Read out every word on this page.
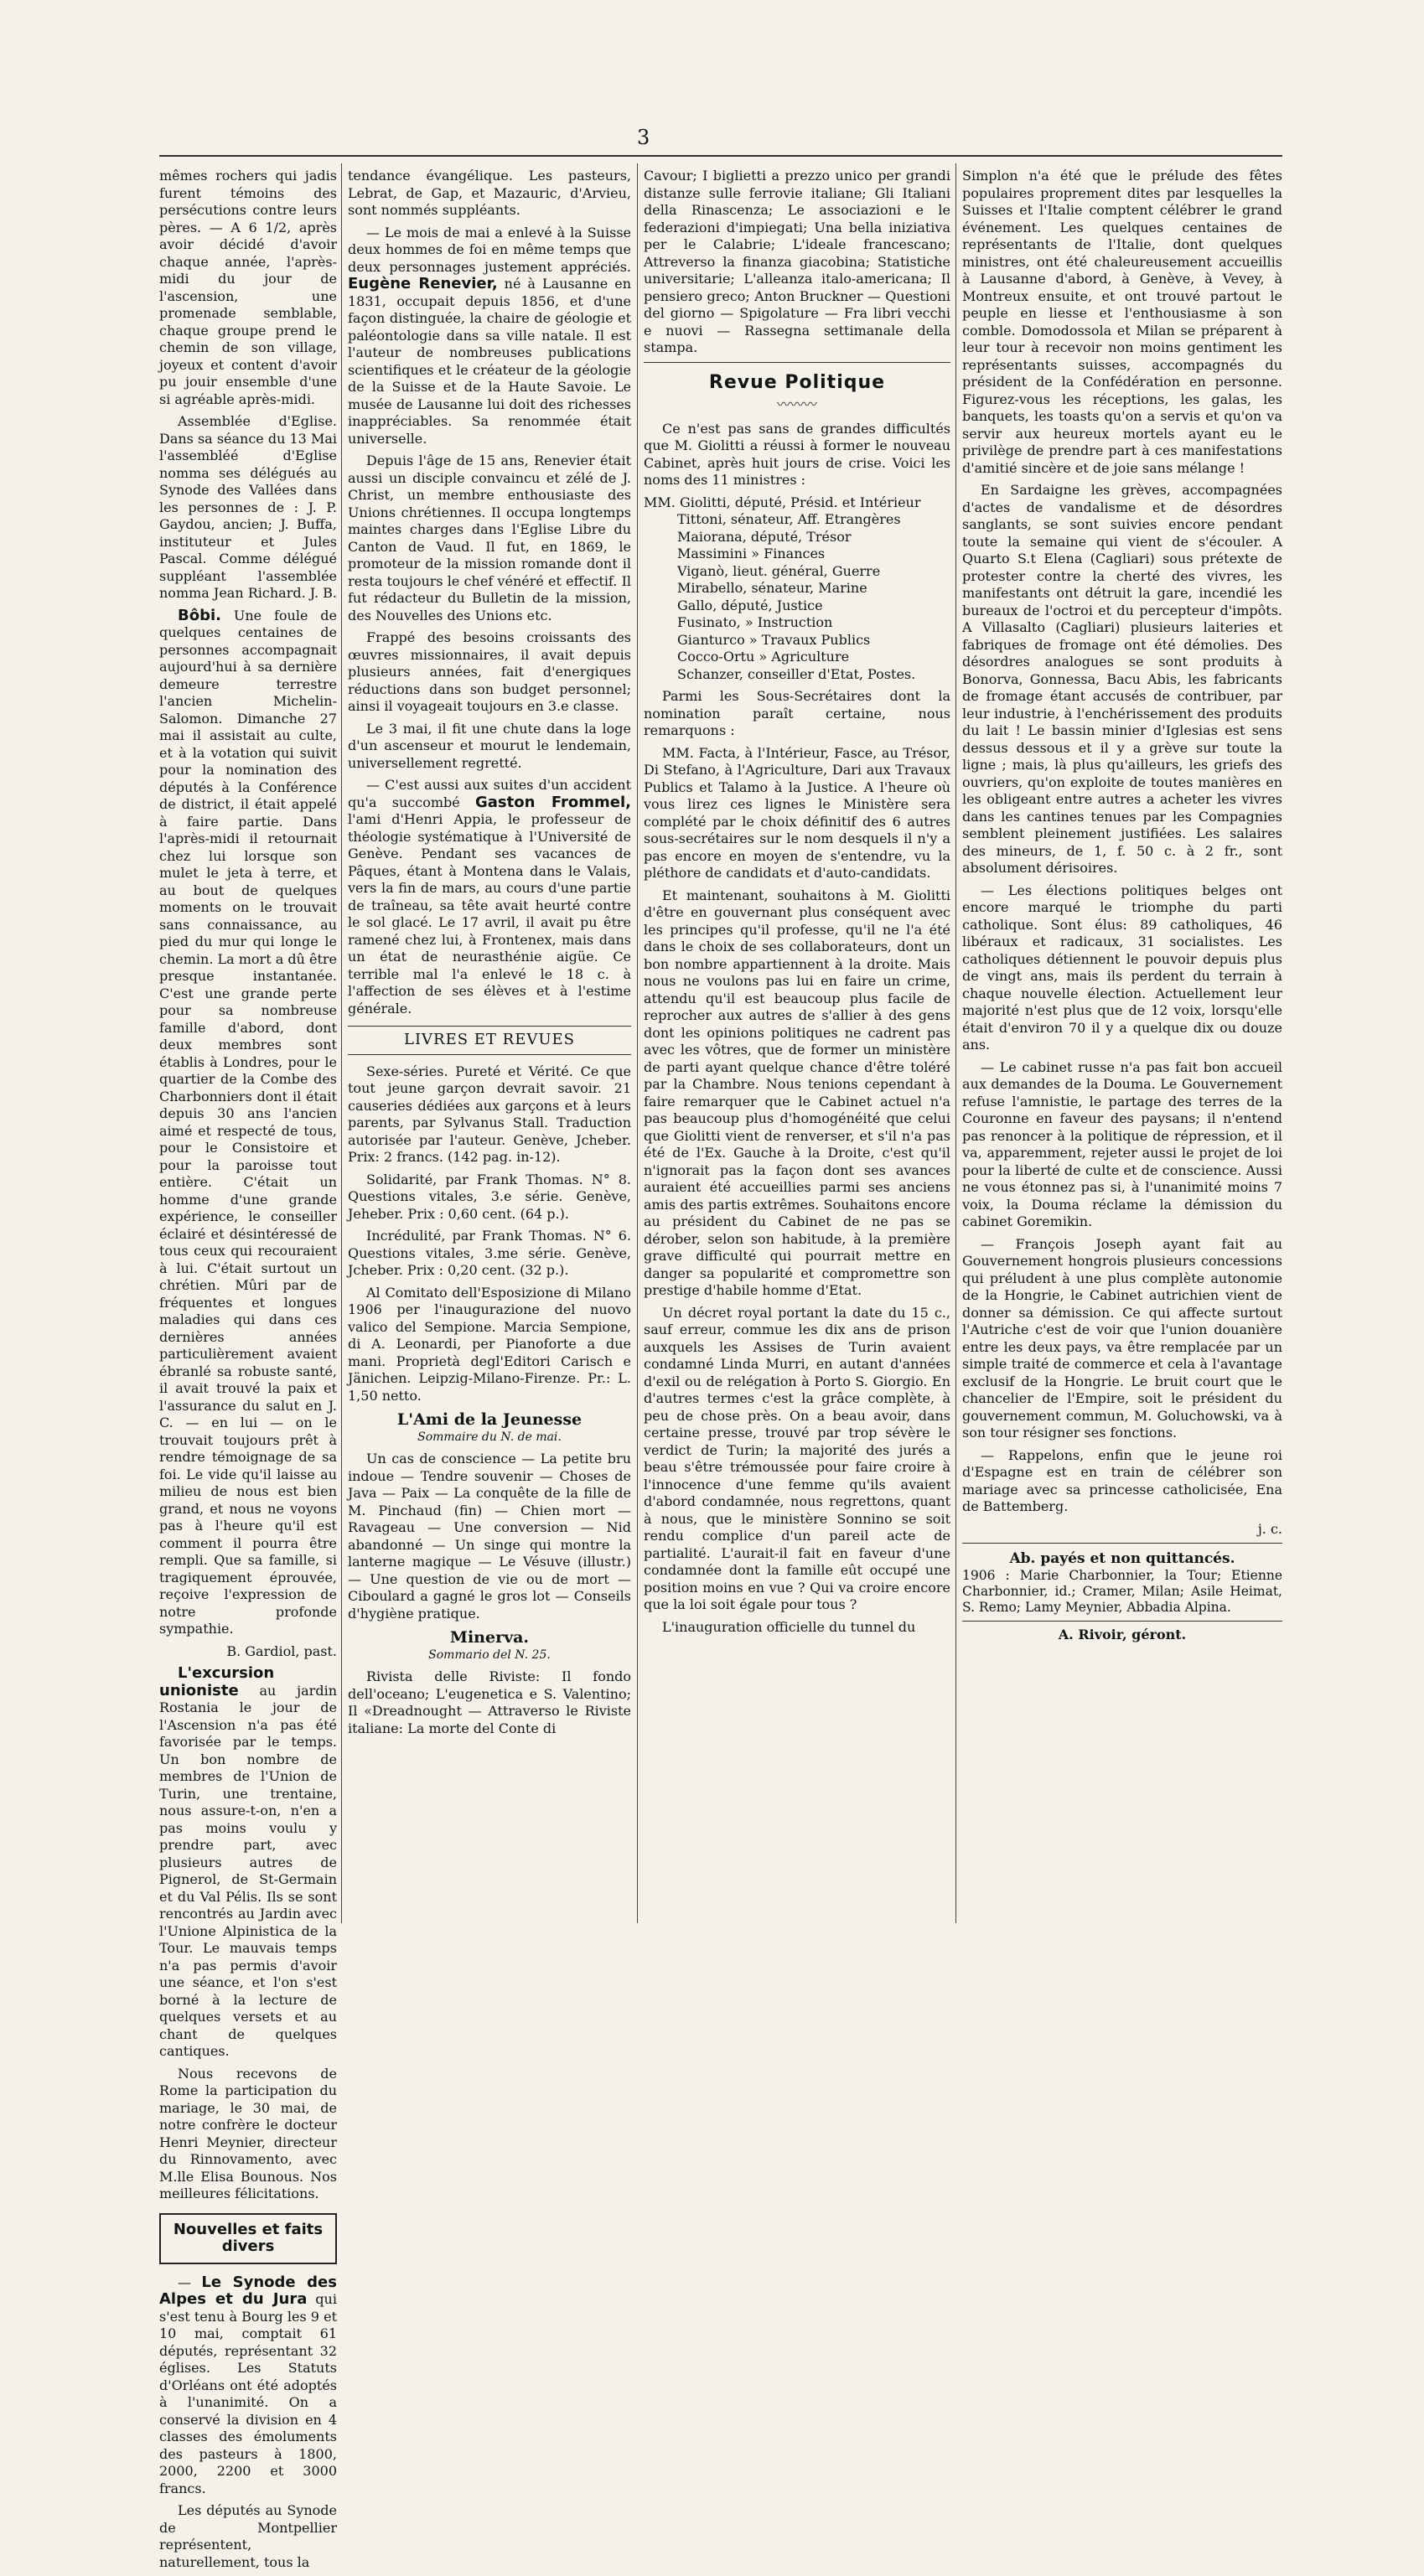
3

mêmes rochers qui jadis furent témoins des persécutions contre leurs pères. — A 6 1/2, après avoir décidé d'avoir chaque année, l'après-midi du jour de l'ascension, une promenade semblable, chaque groupe prend le chemin de son village, joyeux et content d'avoir pu jouir ensemble d'une si agréable après-midi.

Assemblée d'Eglise. Dans sa séance du 13 Mai l'assembléé d'Eglise nomma ses délégués au Synode des Vallées dans les personnes de : J. P. Gaydou, ancien; J. Buffa, instituteur et Jules Pascal. Comme délégué suppléant l'assemblée nomma Jean Richard. J. B.

Bôbi. Une foule de quelques centaines de personnes accompagnait aujourd'hui à sa dernière demeure terrestre l'ancien Michelin-Salomon. Dimanche 27 mai il assistait au culte, et à la votation qui suivit pour la nomination des députés à la Conférence de district, il était appelé à faire partie. Dans l'après-midi il retournait chez lui lorsque son mulet le jeta à terre, et au bout de quelques moments on le trouvait sans connaissance, au pied du mur qui longe le chemin. La mort a dû être presque instantanée. C'est une grande perte pour sa nombreuse famille d'abord, dont deux membres sont établis à Londres, pour le quartier de la Combe des Charbonniers dont il était depuis 30 ans l'ancien aimé et respecté de tous, pour le Consistoire et pour la paroisse tout entière. C'était un homme d'une grande expérience, le conseiller éclairé et désintéressé de tous ceux qui recouraient à lui. C'était surtout un chrétien. Mûri par de fréquentes et longues maladies qui dans ces dernières années particulièrement avaient ébranlé sa robuste santé, il avait trouvé la paix et l'assurance du salut en J. C. — en lui — on le trouvait toujours prêt à rendre témoignage de sa foi. Le vide qu'il laisse au milieu de nous est bien grand, et nous ne voyons pas à l'heure qu'il est comment il pourra être rempli. Que sa famille, si tragiquement éprouvée, reçoive l'expression de notre profonde sympathie.

B. Gardiol, past.

L'excursion unioniste au jardin Rostania le jour de l'Ascension n'a pas été favorisée par le temps. Un bon nombre de membres de l'Union de Turin, une trentaine, nous assure-t-on, n'en a pas moins voulu y prendre part, avec plusieurs autres de Pignerol, de St-Germain et du Val Pélis. Ils se sont rencontrés au Jardin avec l'Unione Alpinistica de la Tour. Le mauvais temps n'a pas permis d'avoir une séance, et l'on s'est borné à la lecture de quelques versets et au chant de quelques cantiques.

Nous recevons de Rome la participation du mariage, le 30 mai, de notre confrère le docteur Henri Meynier, directeur du Rinnovamento, avec M.lle Elisa Bounous. Nos meilleures félicitations.

Nouvelles et faits divers

— Le Synode des Alpes et du Jura qui s'est tenu à Bourg les 9 et 10 mai, comptait 61 députés, représentant 32 églises. Les Statuts d'Orléans ont été adoptés à l'unanimité. On a conservé la division en 4 classes des émoluments des pasteurs à 1800, 2000, 2200 et 3000 francs.

Les députés au Synode de Montpellier représentent, naturellement, tous la

tendance évangélique. Les pasteurs, Lebrat, de Gap, et Mazauric, d'Arvieu, sont nommés suppléants.

— Le mois de mai a enlevé à la Suisse deux hommes de foi en même temps que deux personnages justement appréciés. Eugène Renevier, né à Lausanne en 1831, occupait depuis 1856, et d'une façon distinguée, la chaire de géologie et paléontologie dans sa ville natale. Il est l'auteur de nombreuses publications scientifiques et le créateur de la géologie de la Suisse et de la Haute Savoie. Le musée de Lausanne lui doit des richesses inappréciables. Sa renommée était universelle.

Depuis l'âge de 15 ans, Renevier était aussi un disciple convaincu et zélé de J. Christ, un membre enthousiaste des Unions chrétiennes. Il occupa longtemps maintes charges dans l'Eglise Libre du Canton de Vaud. Il fut, en 1869, le promoteur de la mission romande dont il resta toujours le chef vénéré et effectif. Il fut rédacteur du Bulletin de la mission, des Nouvelles des Unions etc.

Frappé des besoins croissants des œuvres missionnaires, il avait depuis plusieurs années, fait d'energiques réductions dans son budget personnel; ainsi il voyageait toujours en 3.e classe.

Le 3 mai, il fit une chute dans la loge d'un ascenseur et mourut le lendemain, universellement regretté.

— C'est aussi aux suites d'un accident qu'a succombé Gaston Frommel, l'ami d'Henri Appia, le professeur de théologie systématique à l'Université de Genève. Pendant ses vacances de Pâques, étant à Montena dans le Valais, vers la fin de mars, au cours d'une partie de traîneau, sa tête avait heurté contre le sol glacé. Le 17 avril, il avait pu être ramené chez lui, à Frontenex, mais dans un état de neurasthénie aigüe. Ce terrible mal l'a enlevé le 18 c. à l'affection de ses élèves et à l'estime générale.

LIVRES ET REVUES

Sexe-séries. Pureté et Vérité. Ce que tout jeune garçon devrait savoir. 21 causeries dédiées aux garçons et à leurs parents, par Sylvanus Stall. Traduction autorisée par l'auteur. Genève, Jcheber. Prix: 2 francs. (142 pag. in-12).

Solidarité, par Frank Thomas. N° 8. Questions vitales, 3.e série. Genève, Jeheber. Prix : 0,60 cent. (64 p.).

Incrédulité, par Frank Thomas. N° 6. Questions vitales, 3.me série. Genève, Jcheber. Prix : 0,20 cent. (32 p.).

Al Comitato dell'Esposizione di Milano 1906 per l'inaugurazione del nuovo valico del Sempione. Marcia Sempione, di A. Leonardi, per Pianoforte a due mani. Proprietà degl'Editori Carisch e Jänichen. Leipzig-Milano-Firenze. Pr.: L. 1,50 netto.

L'Ami de la Jeunesse
Sommaire du N. de mai.

Un cas de conscience — La petite bru indoue — Tendre souvenir — Choses de Java — Paix — La conquête de la fille de M. Pinchaud (fin) — Chien mort — Ravageau — Une conversion — Nid abandonné — Un singe qui montre la lanterne magique — Le Vésuve (illustr.) — Une question de vie ou de mort — Ciboulard a gagné le gros lot — Conseils d'hygiène pratique.

Minerva.
Sommario del N. 25.

Rivista delle Riviste: Il fondo dell'oceano; L'eugenetica e S. Valentino; Il «Dreadnought — Attraverso le Riviste italiane: La morte del Conte di

Cavour; I biglietti a prezzo unico per grandi distanze sulle ferrovie italiane; Gli Italiani della Rinascenza; Le associazioni e le federazioni d'impiegati; Una bella iniziativa per le Calabrie; L'ideale francescano; Attreverso la finanza giacobina; Statistiche universitarie; L'alleanza italo-americana; Il pensiero greco; Anton Bruckner — Questioni del giorno — Spigolature — Fra libri vecchi e nuovi — Rassegna settimanale della stampa.

Revue Politique
〰〰〰

Ce n'est pas sans de grandes difficultés que M. Giolitti a réussi à former le nouveau Cabinet, après huit jours de crise. Voici les noms des 11 ministres :

MM. Giolitti, député, Présid. et Intérieur

Tittoni, sénateur, Aff. Etrangères

Maiorana, député, Trésor

Massimini » Finances

Viganò, lieut. général, Guerre

Mirabello, sénateur, Marine

Gallo, député, Justice

Fusinato, » Instruction

Gianturco » Travaux Publics

Cocco-Ortu » Agriculture

Schanzer, conseiller d'Etat, Postes.

Parmi les Sous-Secrétaires dont la nomination paraît certaine, nous remarquons :

MM. Facta, à l'Intérieur, Fasce, au Trésor, Di Stefano, à l'Agriculture, Dari aux Travaux Publics et Talamo à la Justice. A l'heure où vous lirez ces lignes le Ministère sera complété par le choix définitif des 6 autres sous-secrétaires sur le nom desquels il n'y a pas encore en moyen de s'entendre, vu la pléthore de candidats et d'auto-candidats.

Et maintenant, souhaitons à M. Giolitti d'être en gouvernant plus conséquent avec les principes qu'il professe, qu'il ne l'a été dans le choix de ses collaborateurs, dont un bon nombre appartiennent à la droite. Mais nous ne voulons pas lui en faire un crime, attendu qu'il est beaucoup plus facile de reprocher aux autres de s'allier à des gens dont les opinions politiques ne cadrent pas avec les vôtres, que de former un ministère de parti ayant quelque chance d'être toléré par la Chambre. Nous tenions cependant à faire remarquer que le Cabinet actuel n'a pas beaucoup plus d'homogénéité que celui que Giolitti vient de renverser, et s'il n'a pas été de l'Ex. Gauche à la Droite, c'est qu'il n'ignorait pas la façon dont ses avances auraient été accueillies parmi ses anciens amis des partis extrêmes. Souhaitons encore au président du Cabinet de ne pas se dérober, selon son habitude, à la première grave difficulté qui pourrait mettre en danger sa popularité et compromettre son prestige d'habile homme d'Etat.

Un décret royal portant la date du 15 c., sauf erreur, commue les dix ans de prison auxquels les Assises de Turin avaient condamné Linda Murri, en autant d'années d'exil ou de relégation à Porto S. Giorgio. En d'autres termes c'est la grâce complète, à peu de chose près. On a beau avoir, dans certaine presse, trouvé par trop sévère le verdict de Turin; la majorité des jurés a beau s'être trémoussée pour faire croire à l'innocence d'une femme qu'ils avaient d'abord condamnée, nous regrettons, quant à nous, que le ministère Sonnino se soit rendu complice d'un pareil acte de partialité. L'aurait-il fait en faveur d'une condamnée dont la famille eût occupé une position moins en vue ? Qui va croire encore que la loi soit égale pour tous ?

L'inauguration officielle du tunnel du

Simplon n'a été que le prélude des fêtes populaires proprement dites par lesquelles la Suisses et l'Italie comptent célébrer le grand événement. Les quelques centaines de représentants de l'Italie, dont quelques ministres, ont été chaleureusement accueillis à Lausanne d'abord, à Genève, à Vevey, à Montreux ensuite, et ont trouvé partout le peuple en liesse et l'enthousiasme à son comble. Domodossola et Milan se préparent à leur tour à recevoir non moins gentiment les représentants suisses, accompagnés du président de la Confédération en personne. Figurez-vous les réceptions, les galas, les banquets, les toasts qu'on a servis et qu'on va servir aux heureux mortels ayant eu le privilège de prendre part à ces manifestations d'amitié sincère et de joie sans mélange !

En Sardaigne les grèves, accompagnées d'actes de vandalisme et de désordres sanglants, se sont suivies encore pendant toute la semaine qui vient de s'écouler. A Quarto S.t Elena (Cagliari) sous prétexte de protester contre la cherté des vivres, les manifestants ont détruit la gare, incendié les bureaux de l'octroi et du percepteur d'impôts. A Villasalto (Cagliari) plusieurs laiteries et fabriques de fromage ont été démolies. Des désordres analogues se sont produits à Bonorva, Gonnessa, Bacu Abis, les fabricants de fromage étant accusés de contribuer, par leur industrie, à l'enchérissement des produits du lait ! Le bassin minier d'Iglesias est sens dessus dessous et il y a grève sur toute la ligne ; mais, là plus qu'ailleurs, les griefs des ouvriers, qu'on exploite de toutes manières en les obligeant entre autres a acheter les vivres dans les cantines tenues par les Compagnies semblent pleinement justifiées. Les salaires des mineurs, de 1, f. 50 c. à 2 fr., sont absolument dérisoires.

— Les élections politiques belges ont encore marqué le triomphe du parti catholique. Sont élus: 89 catholiques, 46 libéraux et radicaux, 31 socialistes. Les catholiques détiennent le pouvoir depuis plus de vingt ans, mais ils perdent du terrain à chaque nouvelle élection. Actuellement leur majorité n'est plus que de 12 voix, lorsqu'elle était d'environ 70 il y a quelque dix ou douze ans.

— Le cabinet russe n'a pas fait bon accueil aux demandes de la Douma. Le Gouvernement refuse l'amnistie, le partage des terres de la Couronne en faveur des paysans; il n'entend pas renoncer à la politique de répression, et il va, apparemment, rejeter aussi le projet de loi pour la liberté de culte et de conscience. Aussi ne vous étonnez pas si, à l'unanimité moins 7 voix, la Douma réclame la démission du cabinet Goremikin.

— François Joseph ayant fait au Gouvernement hongrois plusieurs concessions qui préludent à une plus complète autonomie de la Hongrie, le Cabinet autrichien vient de donner sa démission. Ce qui affecte surtout l'Autriche c'est de voir que l'union douanière entre les deux pays, va être remplacée par un simple traité de commerce et cela à l'avantage exclusif de la Hongrie. Le bruit court que le chancelier de l'Empire, soit le président du gouvernement commun, M. Goluchowski, va à son tour résigner ses fonctions.

— Rappelons, enfin que le jeune roi d'Espagne est en train de célébrer son mariage avec sa princesse catholicisée, Ena de Battemberg.

j. c.

Ab. payés et non quittancés.

1906 : Marie Charbonnier, la Tour; Etienne Charbonnier, id.; Cramer, Milan; Asile Heimat, S. Remo; Lamy Meynier, Abbadia Alpina.

A. Rivoir, géront.
